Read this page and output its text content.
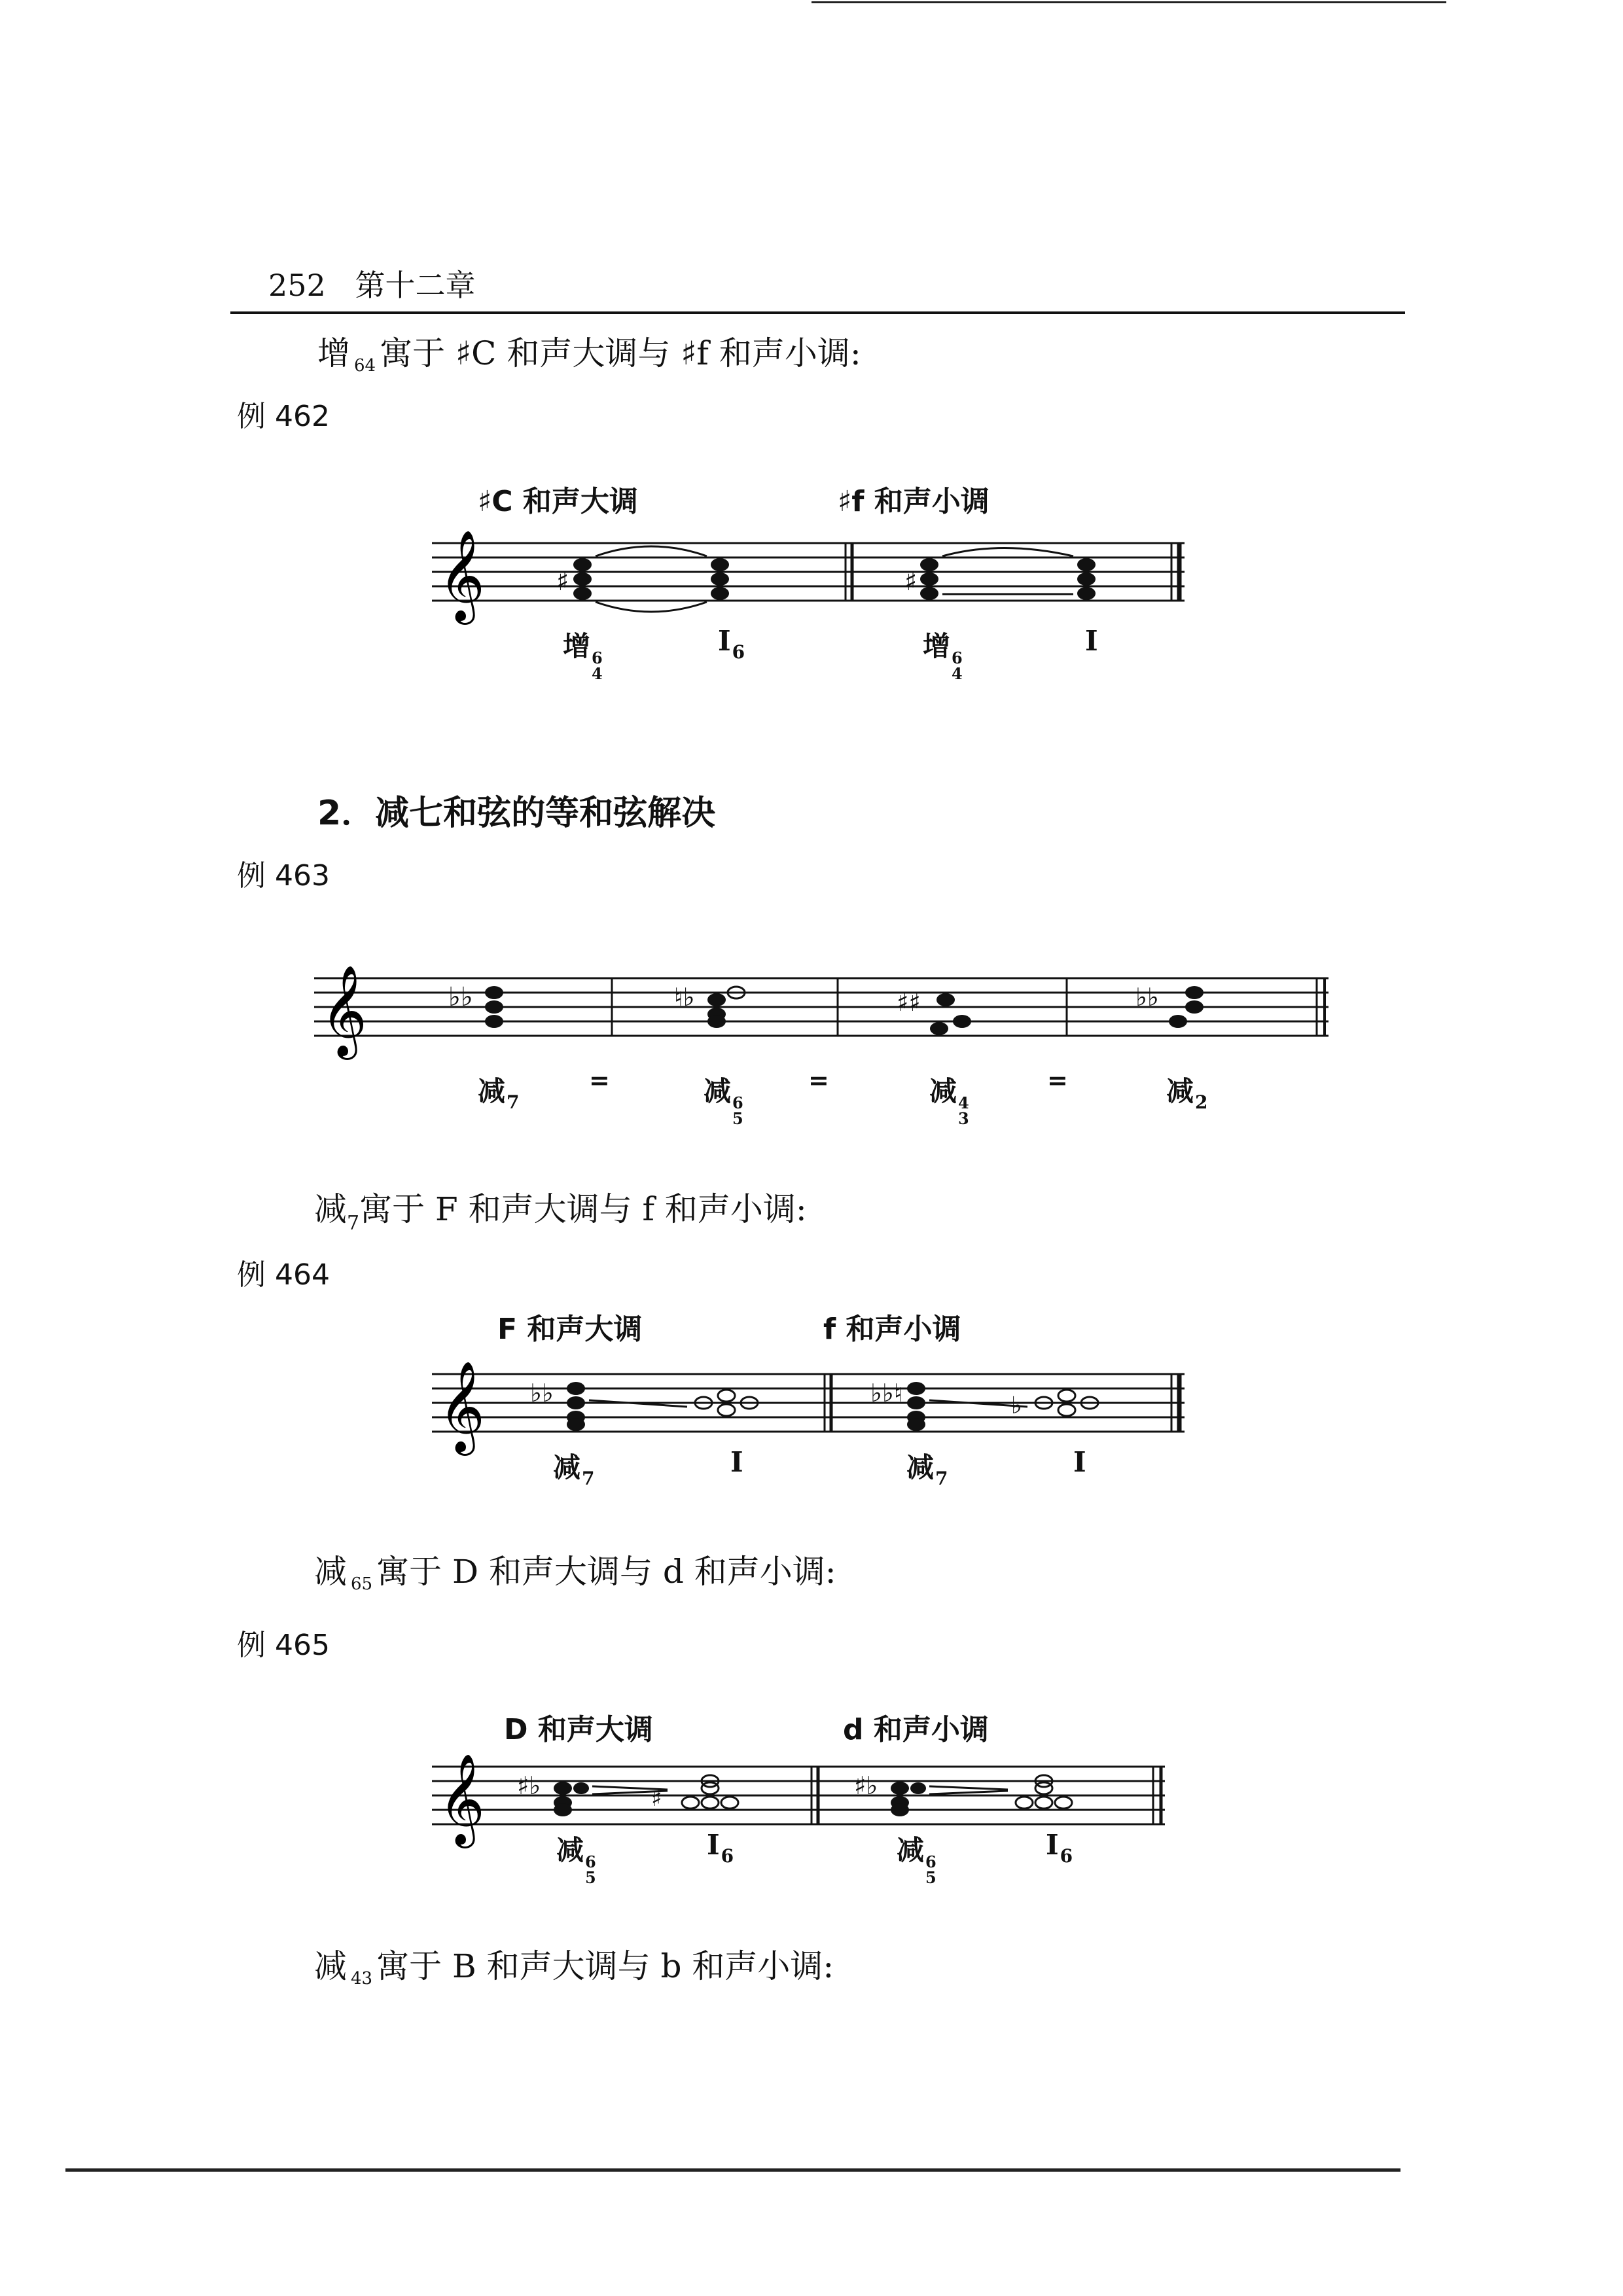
252 第十二章
增 64 寓于 ♯C 和声大调与 ♯f 和声小调:
例 462
♯C 和声大调	♯f 和声小调
𝄞	♯	♯
增 6
4
$I_6$	增 6
4
I
2．减七和弦的等和弦解决
例 463
𝄞	♭♭	♮♭	♯♯	♭♭
减$_7$
=	减 6
5
=	减 4
3
=	减$_2$
减7寓于 F 和声大调与 f 和声小调:
例 464
F 和声大调	f 和声小调
𝄞 ♭♭	♭♭♮	♭
减$_7$
I	减$_7$
I
减 65 寓于 D 和声大调与 d 和声小调:
例 465
D 和声大调	d 和声小调
𝄞 ♯♭	♯	♯♭
减 6
5
$I_6$	减 6
5
$I_6$
减 43 寓于 B 和声大调与 b 和声小调:
